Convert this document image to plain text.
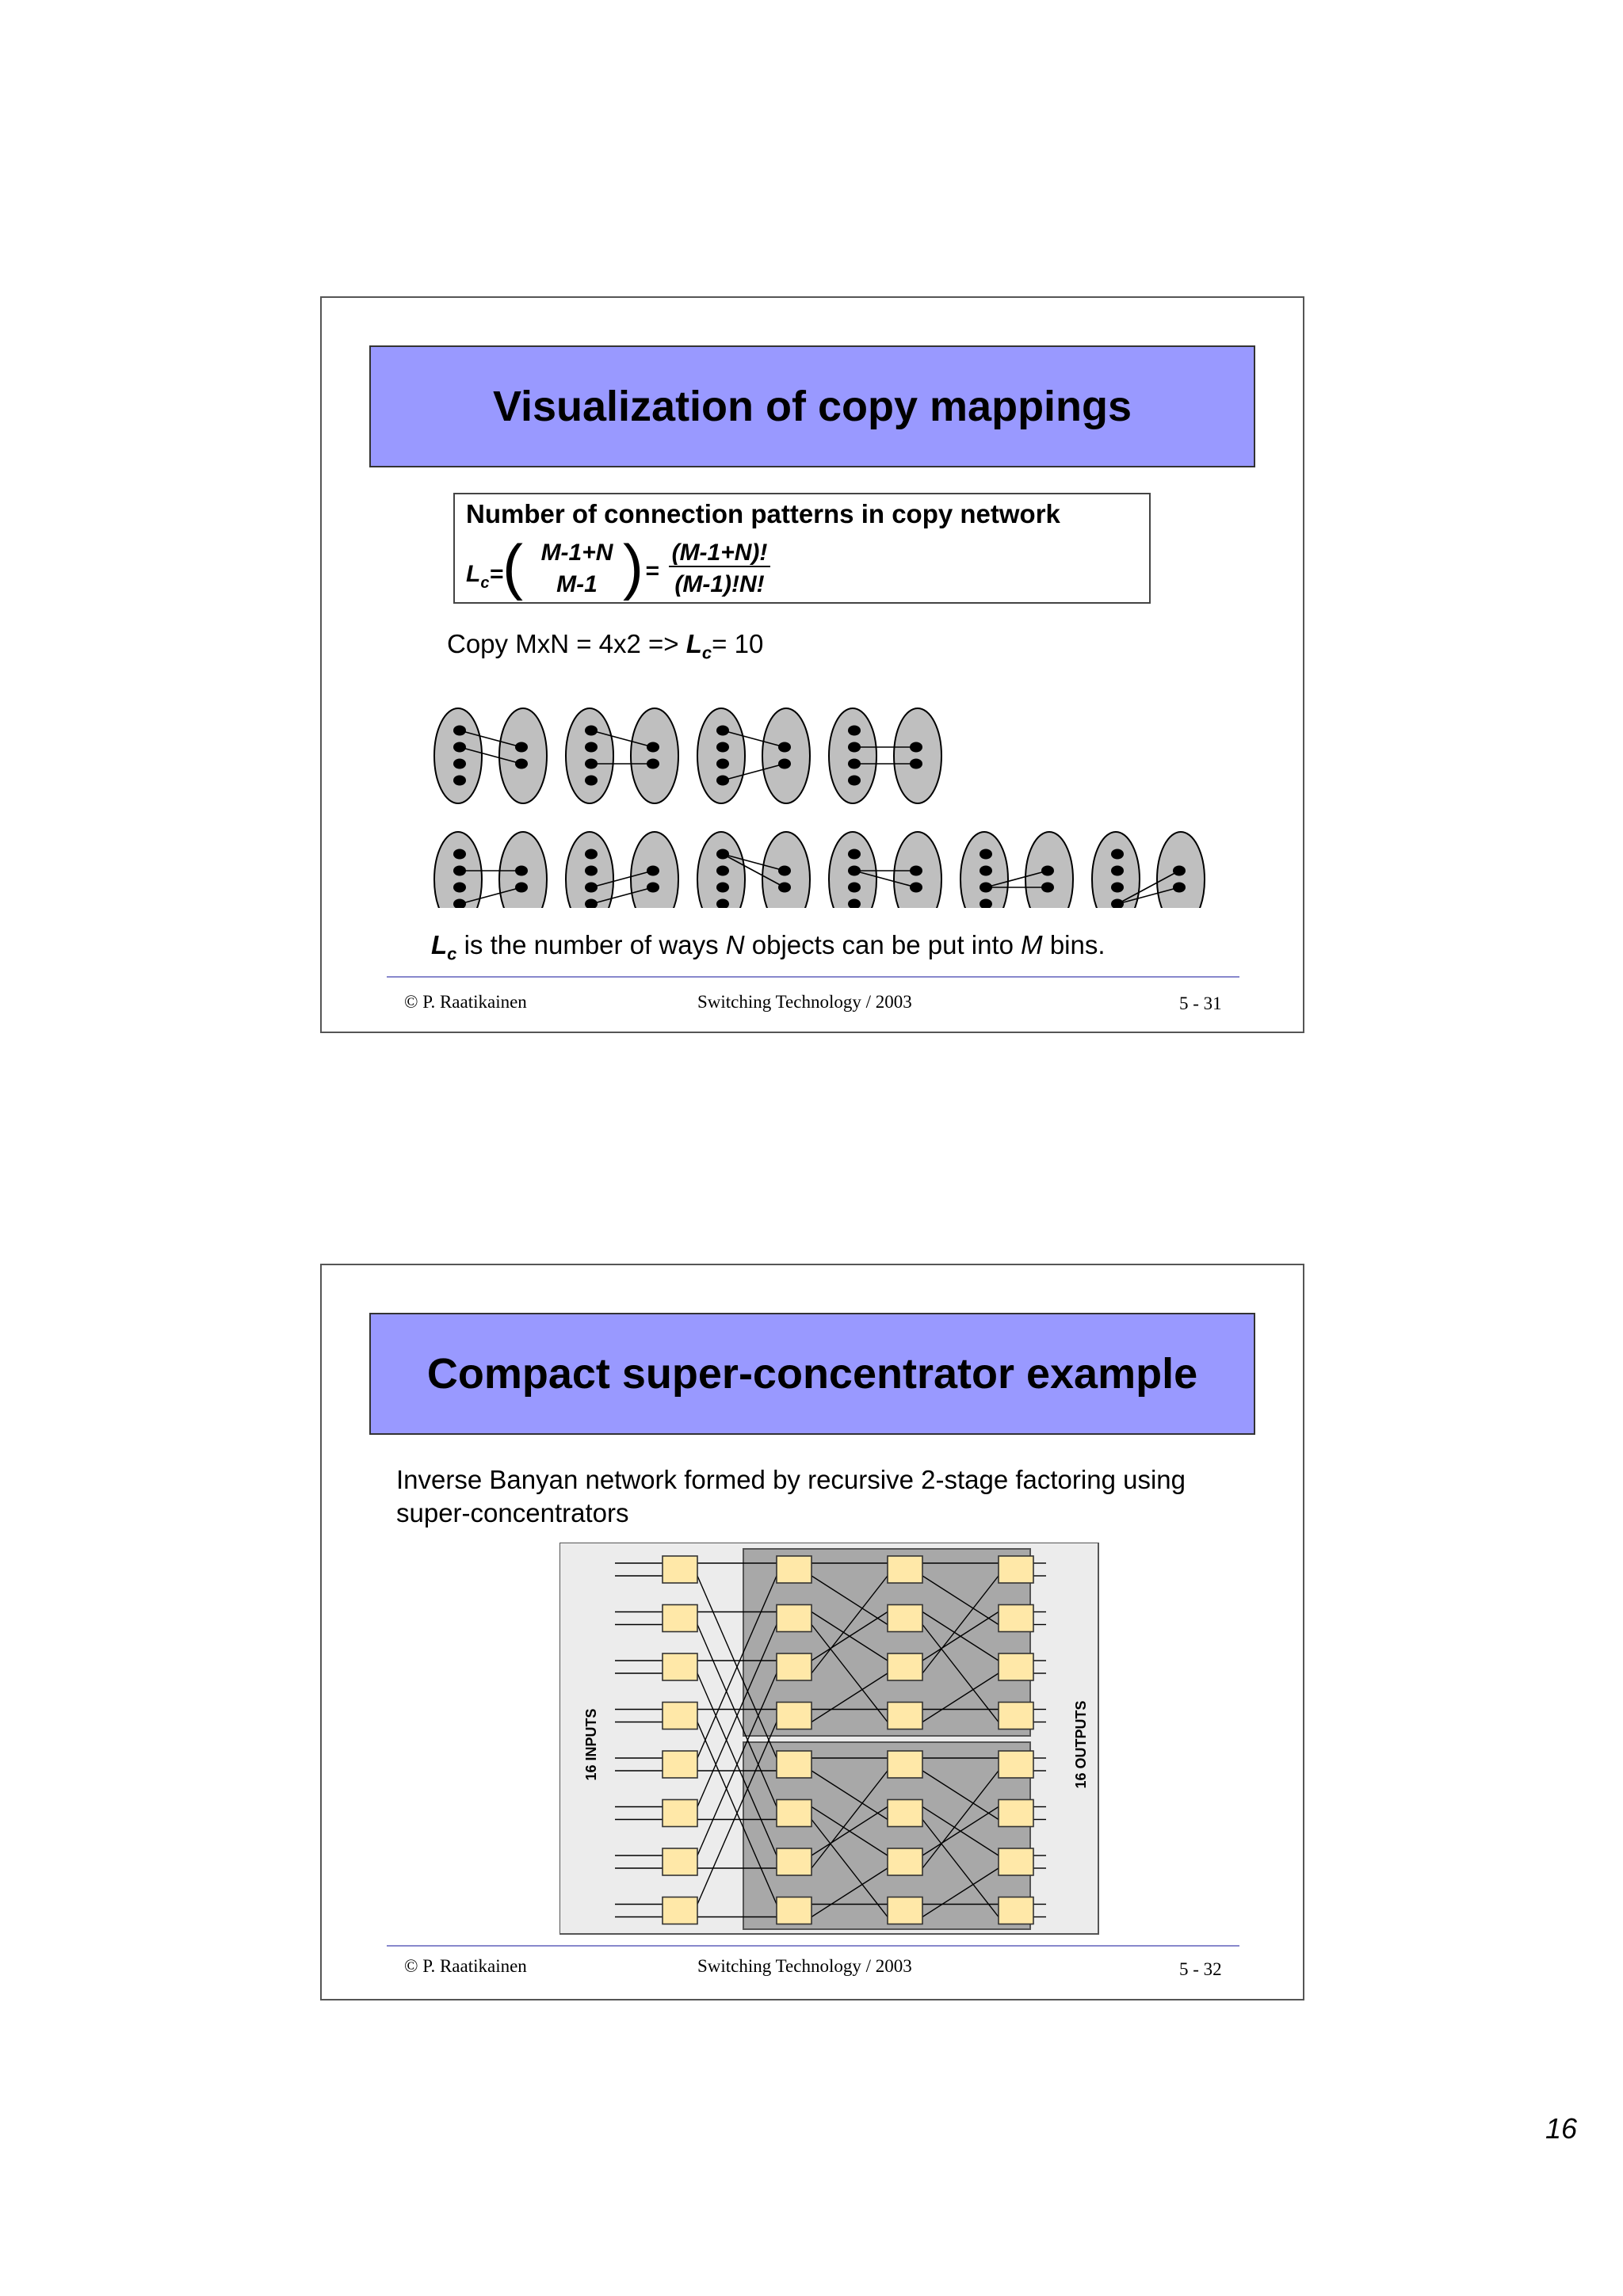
Visualization of copy mappings
Number of connection patterns in copy network
$L_c=$ ( M-1+N
M-1 ) =
(M-1+N)!
(M-1)!N!
Copy MxN = $4x2 => L_c= 10$
$L_c$ is the number of ways N objects can be put into M bins.
© P. Raatikainen	Switching Technology / 2003	5 - 31
Compact super-concentrator example
Inverse Banyan network formed by recursive 2-stage factoring using
super-concentrators
16 INPUTS	16 OUTPUTS
© P. Raatikainen	Switching Technology / 2003	5 - 32
16
